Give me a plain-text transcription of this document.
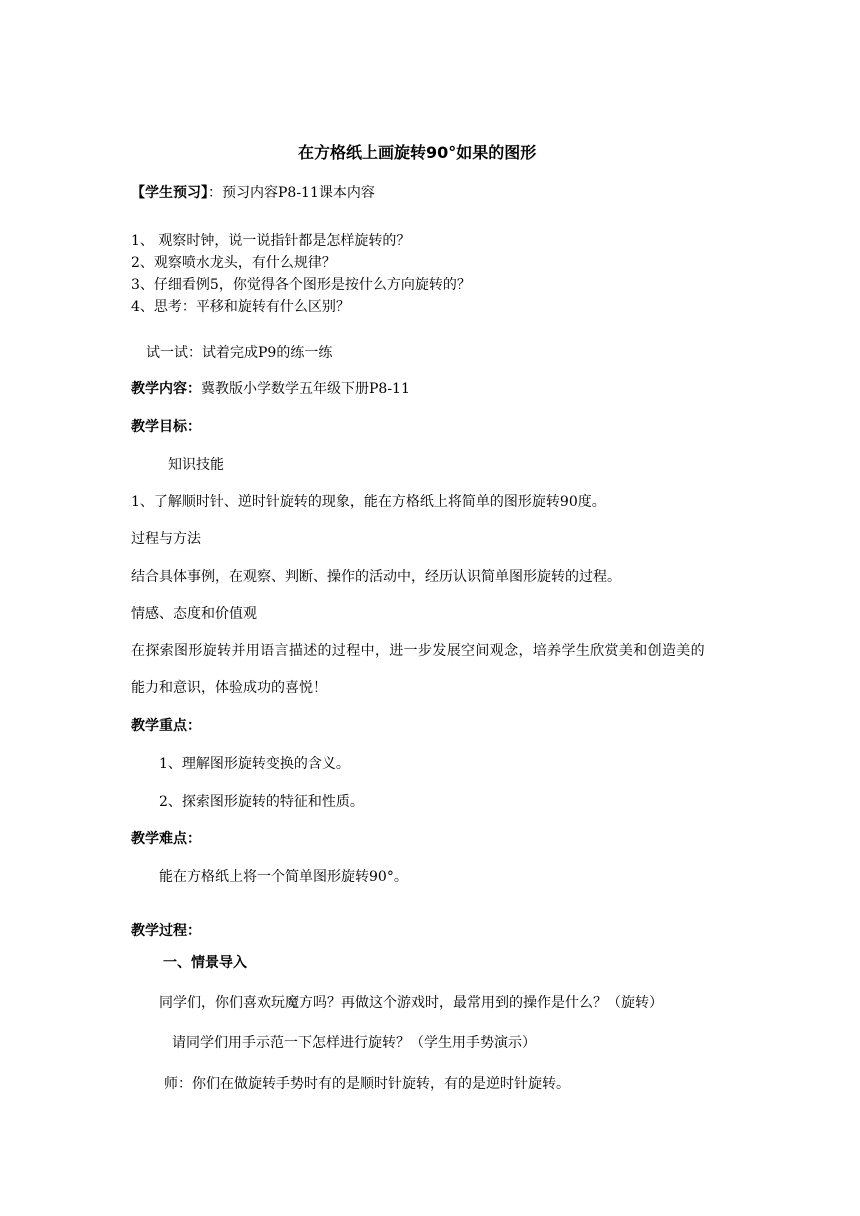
在方格纸上画旋转90°如果的图形
【学生预习】：预习内容P8-11课本内容
1、 观察时钟，说一说指针都是怎样旋转的？
2、观察喷水龙头，有什么规律？
3、仔细看例5，你觉得各个图形是按什么方向旋转的？
4、思考：平移和旋转有什么区别？
试一试：试着完成P9的练一练
教学内容：冀教版小学数学五年级下册P8-11
教学目标：
知识技能
1、了解顺时针、逆时针旋转的现象，能在方格纸上将简单的图形旋转90度。
过程与方法
结合具体事例，在观察、判断、操作的活动中，经历认识简单图形旋转的过程。
情感、态度和价值观
在探索图形旋转并用语言描述的过程中，进一步发展空间观念，培养学生欣赏美和创造美的
能力和意识，体验成功的喜悦！
教学重点：
1、理解图形旋转变换的含义。
2、探索图形旋转的特征和性质。
教学难点：
能在方格纸上将一个简单图形旋转90°。
教学过程：
一、情景导入
同学们，你们喜欢玩魔方吗？再做这个游戏时，最常用到的操作是什么？（旋转）
请同学们用手示范一下怎样进行旋转？（学生用手势演示）
师：你们在做旋转手势时有的是顺时针旋转，有的是逆时针旋转。
